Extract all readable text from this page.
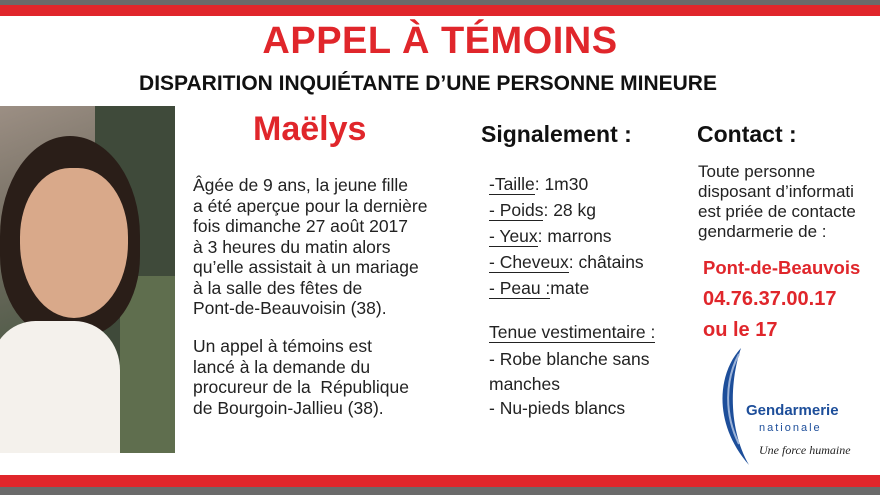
APPEL À TÉMOINS
DISPARITION INQUIÉTANTE D’UNE PERSONNE MINEURE
Maëlys

Âgée de 9 ans, la jeune fille
a été aperçue pour la dernière
fois dimanche 27 août 2017
à 3 heures du matin alors
qu’elle assistait à un mariage
à la salle des fêtes de
Pont-de-Beauvoisin (38).

Un appel à témoins est
lancé à la demande du
procureur de la  République
de Bourgoin-Jallieu (38).

Signalement :
-Taille: 1m30
- Poids: 28 kg
- Yeux: marrons
- Cheveux: châtains
- Peau :mate
Tenue vestimentaire :
- Robe blanche sans
manches
- Nu-pieds blancs
Contact :

Toute personne
disposant d’informati
est priée de contacte
gendarmerie de :

Pont-de-Beauvois
04.76.37.00.17
ou le 17
Gendarmerie
nationale
Une force humaine
